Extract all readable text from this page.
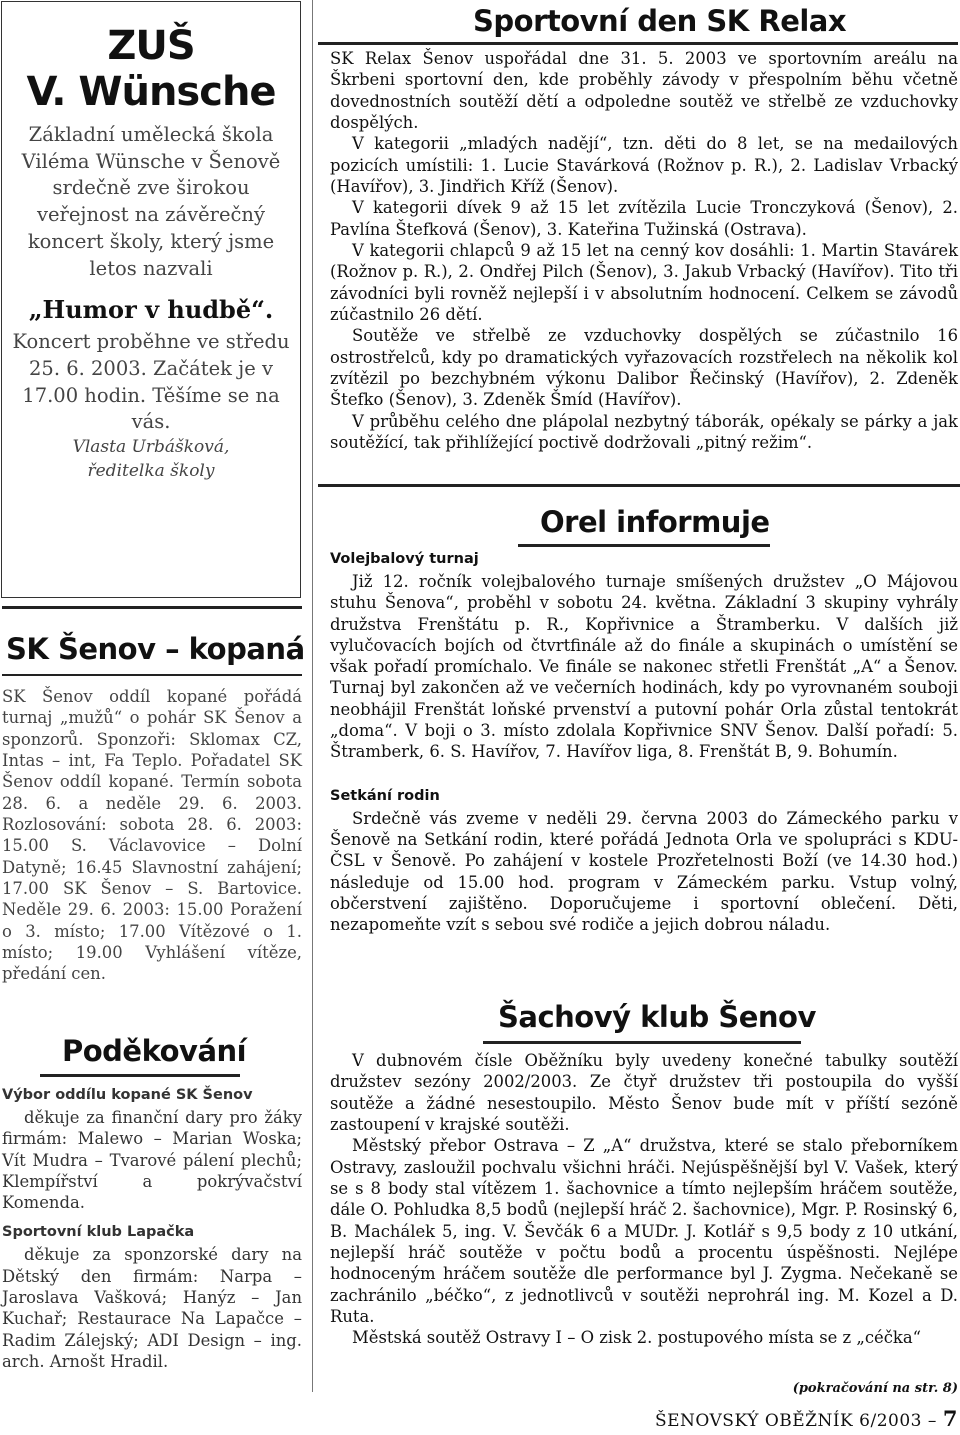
ZUŠ
V. Wünsche
Základní umělecká škola Viléma Wünsche v Šenově srdečně zve širokou veřejnost na závěrečný koncert školy, který jsme letos nazvali
„Humor v hudbě“.
Koncert proběhne ve středu 25. 6. 2003. Začátek je v 17.00 hodin. Těšíme se na vás.
Vlasta Urbášková,
ředitelka školy
SK Šenov – kopaná

SK Šenov oddíl kopané pořádá turnaj „mužů“ o pohár SK Šenov a sponzorů. Sponzoři: Sklomax CZ, Intas – int, Fa Teplo. Pořadatel SK Šenov oddíl kopané. Termín sobota 28. 6. a neděle 29. 6. 2003. Rozlosování: sobota 28. 6. 2003: 15.00 S. Václavovice – Dolní Datyně; 16.45 Slavnostní zahájení; 17.00 SK Šenov – S. Bartovice. Neděle 29. 6. 2003: 15.00 Poražení o 3. místo; 17.00 Vítězové o 1. místo; 19.00 Vyhlášení vítěze, předání cen.

Poděkování
Výbor oddílu kopané SK Šenov

děkuje za finanční dary pro žáky firmám: Malewo – Marian Woska; Vít Mudra – Tvarové pálení plechů; Klempířství a pokrývačství Komenda.

Sportovní klub Lapačka

děkuje za sponzorské dary na Dětský den firmám: Narpa – Jaroslava Vašková; Hanýz – Jan Kuchař; Restaurace Na Lapačce – Radim Zálejský; ADI Design – ing. arch. Arnošt Hradil.

Sportovní den SK Relax

SK Relax Šenov uspořádal dne 31. 5. 2003 ve sportovním areálu na Škrbeni sportovní den, kde proběhly závody v přespolním běhu včetně dovednostních soutěží dětí a odpoledne soutěž ve střelbě ze vzduchovky dospělých.

V kategorii „mladých nadějí“, tzn. děti do 8 let, se na medailových pozicích umístili: 1. Lucie Stavárková (Rožnov p. R.), 2. Ladislav Vrbacký (Havířov), 3. Jindřich Kříž (Šenov).

V kategorii dívek 9 až 15 let zvítězila Lucie Tronczyková (Šenov), 2. Pavlína Štefková (Šenov), 3. Kateřina Tužinská (Ostrava).

V kategorii chlapců 9 až 15 let na cenný kov dosáhli: 1. Martin Stavárek (Rožnov p. R.), 2. Ondřej Pilch (Šenov), 3. Jakub Vrbacký (Havířov). Tito tři závodníci byli rovněž nejlepší i v absolutním hodnocení. Celkem se závodů zúčastnilo 26 dětí.

Soutěže ve střelbě ze vzduchovky dospělých se zúčastnilo 16 ostrostřelců, kdy po dramatických vyřazovacích rozstřelech na několik kol zvítězil po bezchybném výkonu Dalibor Řečinský (Havířov), 2. Zdeněk Štefko (Šenov), 3. Zdeněk Šmíd (Havířov).

V průběhu celého dne plápolal nezbytný táborák, opékaly se párky a jak soutěžící, tak přihlížející poctivě dodržovali „pitný režim“.

Orel informuje
Volejbalový turnaj

Již 12. ročník volejbalového turnaje smíšených družstev „O Májovou stuhu Šenova“, proběhl v sobotu 24. května. Základní 3 skupiny vyhrály družstva Frenštátu p. R., Kopřivnice a Štramberku. V dalších již vylučovacích bojích od čtvrtfinále až do finále a skupinách o umístění se však pořadí promíchalo. Ve finále se nakonec střetli Frenštát „A“ a Šenov. Turnaj byl zakončen až ve večerních hodinách, kdy po vyrovnaném souboji neobhájil Frenštát loňské prvenství a putovní pohár Orla zůstal tentokrát „doma“. V boji o 3. místo zdolala Kopřivnice SNV Šenov. Další pořadí: 5. Štramberk, 6. S. Havířov, 7. Havířov liga, 8. Frenštát B, 9. Bohumín.

Setkání rodin

Srdečně vás zveme v neděli 29. června 2003 do Zámeckého parku v Šenově na Setkání rodin, které pořádá Jednota Orla ve spolupráci s KDU-ČSL v Šenově. Po zahájení v kostele Prozřetelnosti Boží (ve 14.30 hod.) následuje od 15.00 hod. program v Zámeckém parku. Vstup volný, občerstvení zajištěno. Doporučujeme i sportovní oblečení. Děti, nezapomeňte vzít s sebou své rodiče a jejich dobrou náladu.

Šachový klub Šenov

V dubnovém čísle Oběžníku byly uvedeny konečné tabulky soutěží družstev sezóny 2002/2003. Ze čtyř družstev tři postoupila do vyšší soutěže a žádné nesestoupilo. Město Šenov bude mít v příští sezóně zastoupení v krajské soutěži.

Městský přebor Ostrava – Z „A“ družstva, které se stalo přeborníkem Ostravy, zasloužil pochvalu všichni hráči. Nejúspěšnější byl V. Vašek, který se s 8 body stal vítězem 1. šachovnice a tímto nejlepším hráčem soutěže, dále O. Pohludka 8,5 bodů (nejlepší hráč 2. šachovnice), Mgr. P. Rosinský 6, B. Machálek 5, ing. V. Ševčák 6 a MUDr. J. Kotlář s 9,5 body z 10 utkání, nejlepší hráč soutěže v počtu bodů a procentu úspěšnosti. Nejlépe hodnoceným hráčem soutěže dle performance byl J. Zygma. Nečekaně se zachránilo „béčko“, z jednotlivců v soutěži neprohrál ing. M. Kozel a D. Ruta.

Městská soutěž Ostravy I – O zisk 2. postupového místa se z „céčka“

(pokračování na str. 8)
ŠENOVSKÝ OBĚŽNÍK 6/2003 – 7
